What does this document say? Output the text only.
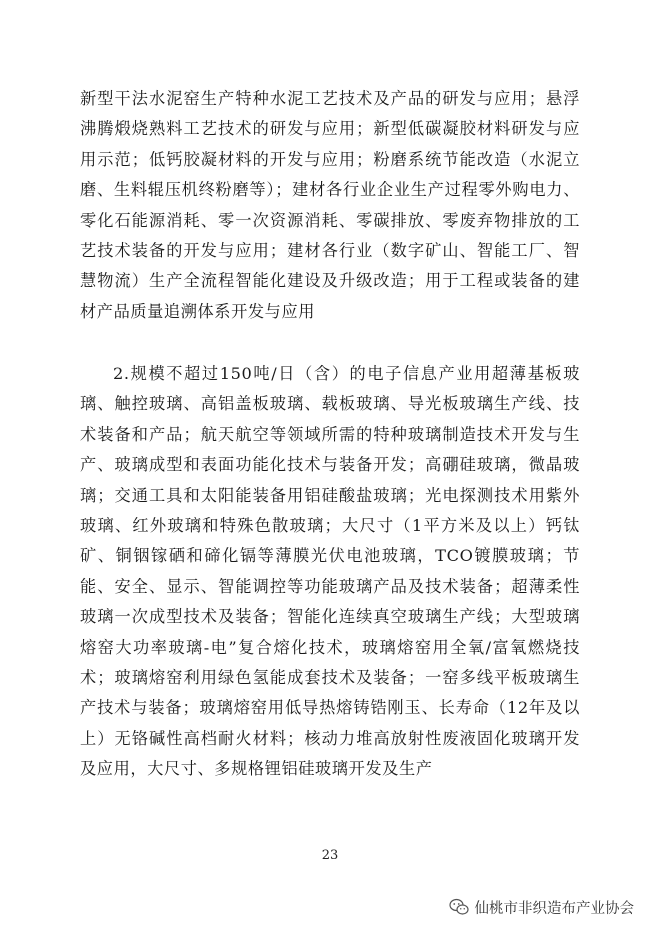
新型干法水泥窑生产特种水泥工艺技术及产品的研发与应用；悬浮沸腾煅烧熟料工艺技术的研发与应用；新型低碳凝胶材料研发与应用示范；低钙胶凝材料的开发与应用；粉磨系统节能改造（水泥立磨、生料辊压机终粉磨等）；建材各行业企业生产过程零外购电力、零化石能源消耗、零一次资源消耗、零碳排放、零废弃物排放的工艺技术装备的开发与应用；建材各行业（数字矿山、智能工厂、智慧物流）生产全流程智能化建设及升级改造；用于工程或装备的建材产品质量追溯体系开发与应用

2.规模不超过150吨/日（含）的电子信息产业用超薄基板玻璃、触控玻璃、高铝盖板玻璃、载板玻璃、导光板玻璃生产线、技术装备和产品；航天航空等领域所需的特种玻璃制造技术开发与生产、玻璃成型和表面功能化技术与装备开发；高硼硅玻璃，微晶玻璃；交通工具和太阳能装备用铝硅酸盐玻璃；光电探测技术用紫外玻璃、红外玻璃和特殊色散玻璃；大尺寸（1平方米及以上）钙钛矿、铜铟镓硒和碲化镉等薄膜光伏电池玻璃，TCO镀膜玻璃；节能、安全、显示、智能调控等功能玻璃产品及技术装备；超薄柔性玻璃一次成型技术及装备；智能化连续真空玻璃生产线；大型玻璃熔窑大功率玻璃-电”复合熔化技术，玻璃熔窑用全氧/富氧燃烧技术；玻璃熔窑利用绿色氢能成套技术及装备；一窑多线平板玻璃生产技术与装备；玻璃熔窑用低导热熔铸锆刚玉、长寿命（12年及以上）无铬碱性高档耐火材料；核动力堆高放射性废液固化玻璃开发及应用，大尺寸、多规格锂铝硅玻璃开发及生产

23
仙桃市非织造布产业协会
